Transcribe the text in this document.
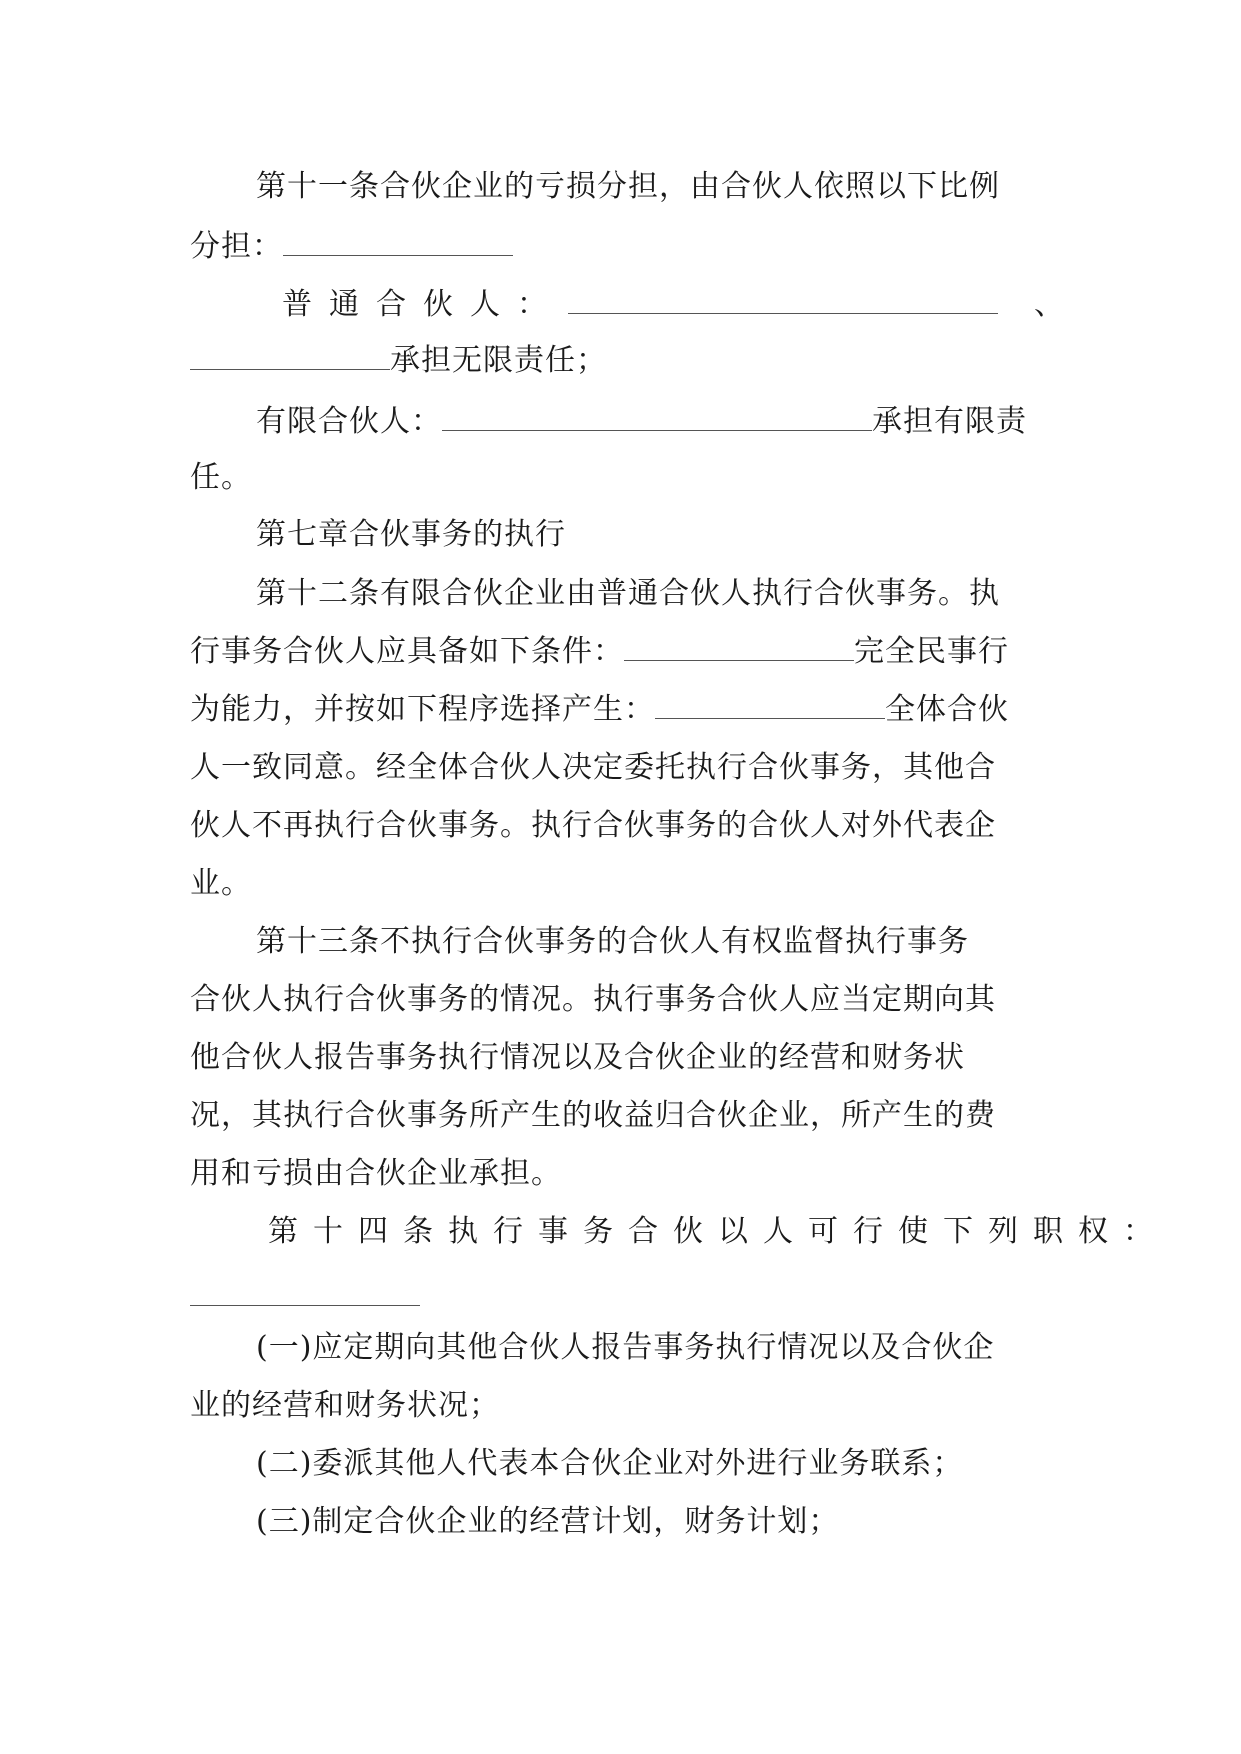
第十一条合伙企业的亏损分担，由合伙人依照以下比例
分担：
普通合伙人：	、
承担无限责任；
有限合伙人：	承担有限责
任。
第七章合伙事务的执行
第十二条有限合伙企业由普通合伙人执行合伙事务。执
行事务合伙人应具备如下条件：	完全民事行
为能力，并按如下程序选择产生：	全体合伙
人一致同意。经全体合伙人决定委托执行合伙事务，其他合
伙人不再执行合伙事务。执行合伙事务的合伙人对外代表企
业。
第十三条不执行合伙事务的合伙人有权监督执行事务
合伙人执行合伙事务的情况。执行事务合伙人应当定期向其
他合伙人报告事务执行情况以及合伙企业的经营和财务状
况，其执行合伙事务所产生的收益归合伙企业，所产生的费
用和亏损由合伙企业承担。
第十四条执行事务合伙以人可行使下列职权：
(一)应定期向其他合伙人报告事务执行情况以及合伙企
业的经营和财务状况；
(二)委派其他人代表本合伙企业对外进行业务联系；
(三)制定合伙企业的经营计划，财务计划；
